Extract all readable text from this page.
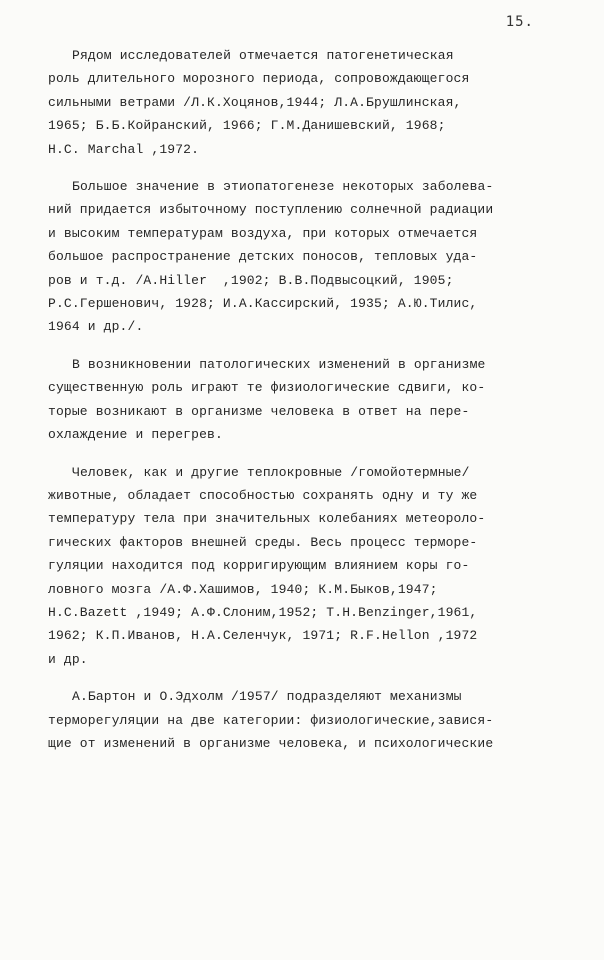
15.
Рядом исследователей отмечается патогенетическая
роль длительного морозного периода, сопровождающегося
сильными ветрами /Л.К.Хоцянов,1944; Л.А.Брушлинская,
1965; Б.Б.Койранский, 1966; Г.М.Данишевский, 1968;
Н.С. Marchal ,1972.
Большое значение в этиопатогенезе некоторых заболева-
ний придается избыточному поступлению солнечной радиации
и высоким температурам воздуха, при которых отмечается
большое распространение детских поносов, тепловых уда-
ров и т.д. /A.Hiller  ,1902; В.В.Подвысоцкий, 1905;
Р.С.Гершенович, 1928; И.А.Кассирский, 1935; А.Ю.Тилис,
1964 и др./.
В возникновении патологических изменений в организме
существенную роль играют те физиологические сдвиги, ко-
торые возникают в организме человека в ответ на пере-
охлаждение и перегрев.
Человек, как и другие теплокровные /гомойотермные/
животные, обладает способностью сохранять одну и ту же
температуру тела при значительных колебаниях метеороло-
гических факторов внешней среды. Весь процесс терморе-
гуляции находится под корригирующим влиянием коры го-
ловного мозга /А.Ф.Хашимов, 1940; К.М.Быков,1947;
H.C.Bazett ,1949; А.Ф.Слоним,1952; T.H.Benzinger,1961,
1962; К.П.Иванов, Н.А.Селенчук, 1971; R.F.Hellon ,1972
и др.
А.Бартон и О.Эдхолм /1957/ подразделяют механизмы
терморегуляции на две категории: физиологические,завися-
щие от изменений в организме человека, и психологические
